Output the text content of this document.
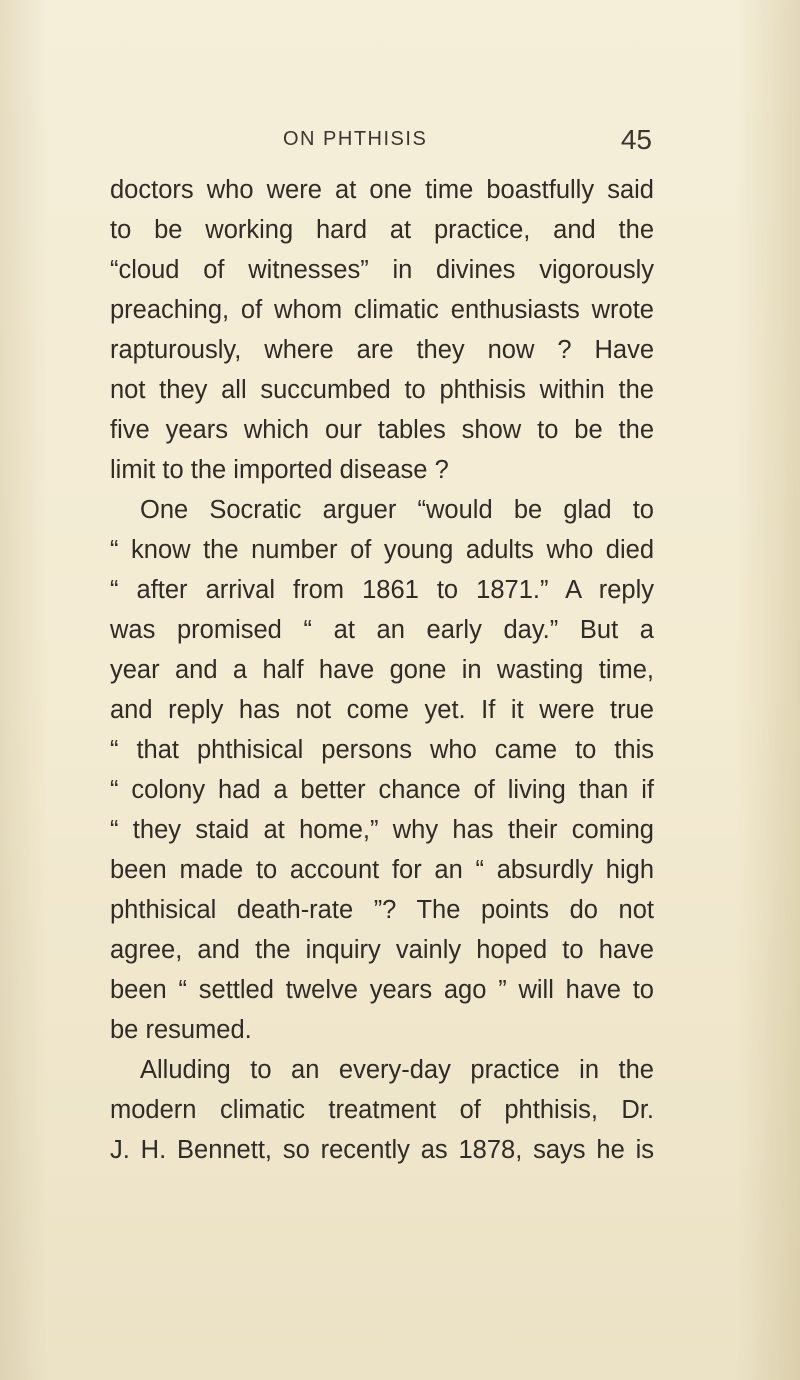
ON PHTHISIS	45
doctors who were at one time boastfully said
to be working hard at practice, and the
“cloud of witnesses” in divines vigorously
preaching, of whom climatic enthusiasts wrote
rapturously, where are they now ? Have
not they all succumbed to phthisis within the
five years which our tables show to be the
limit to the imported disease ?
One Socratic arguer “would be glad to
“ know the number of young adults who died
“ after arrival from 1861 to 1871.” A reply
was promised “ at an early day.” But a
year and a half have gone in wasting time,
and reply has not come yet. If it were true
“ that phthisical persons who came to this
“ colony had a better chance of living than if
“ they staid at home,” why has their coming
been made to account for an “ absurdly high
phthisical death-rate ”? The points do not
agree, and the inquiry vainly hoped to have
been “ settled twelve years ago ” will have to
be resumed.
Alluding to an every-day practice in the
modern climatic treatment of phthisis, Dr.
J. H. Bennett, so recently as 1878, says he is
